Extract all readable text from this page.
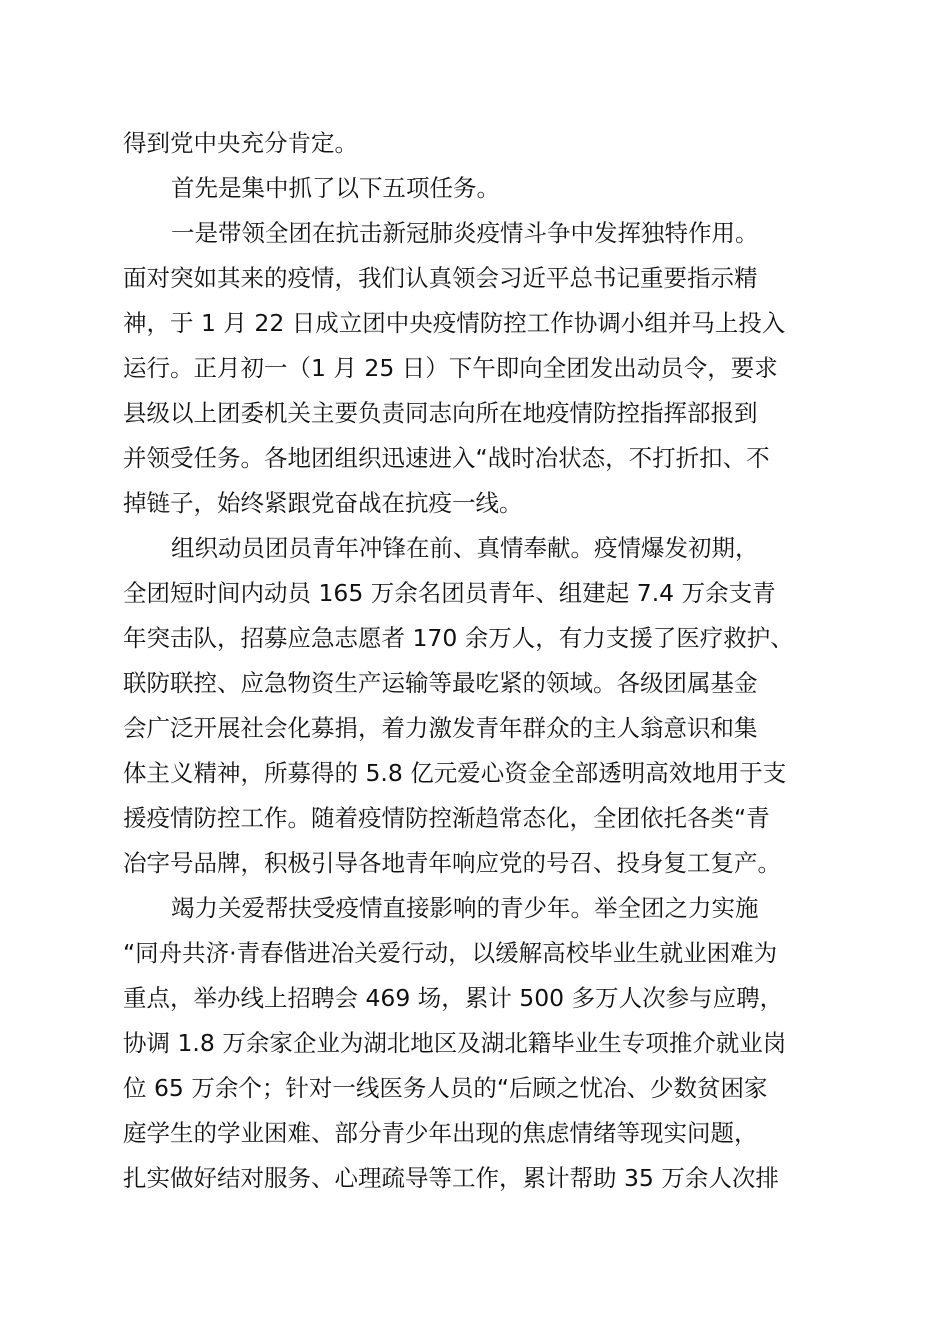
得到党中央充分肯定。
首先是集中抓了以下五项任务。
一是带领全团在抗击新冠肺炎疫情斗争中发挥独特作用。
面对突如其来的疫情，我们认真领会习近平总书记重要指示精
神，于 1 月 22 日成立团中央疫情防控工作协调小组并马上投入
运行。正月初一（1 月 25 日）下午即向全团发出动员令，要求
县级以上团委机关主要负责同志向所在地疫情防控指挥部报到
并领受任务。各地团组织迅速进入“战时冶状态，不打折扣、不
掉链子，始终紧跟党奋战在抗疫一线。
组织动员团员青年冲锋在前、真情奉献。疫情爆发初期，
全团短时间内动员 165 万余名团员青年、组建起 7.4 万余支青
年突击队，招募应急志愿者 170 余万人，有力支援了医疗救护、
联防联控、应急物资生产运输等最吃紧的领域。各级团属基金
会广泛开展社会化募捐，着力激发青年群众的主人翁意识和集
体主义精神，所募得的 5.8 亿元爱心资金全部透明高效地用于支
援疫情防控工作。随着疫情防控渐趋常态化，全团依托各类“青
冶字号品牌，积极引导各地青年响应党的号召、投身复工复产。
竭力关爱帮扶受疫情直接影响的青少年。举全团之力实施
“同舟共济·青春偕进冶关爱行动，以缓解高校毕业生就业困难为
重点，举办线上招聘会 469 场，累计 500 多万人次参与应聘，
协调 1.8 万余家企业为湖北地区及湖北籍毕业生专项推介就业岗
位 65 万余个；针对一线医务人员的“后顾之忧冶、少数贫困家
庭学生的学业困难、部分青少年出现的焦虑情绪等现实问题，
扎实做好结对服务、心理疏导等工作，累计帮助 35 万余人次排
